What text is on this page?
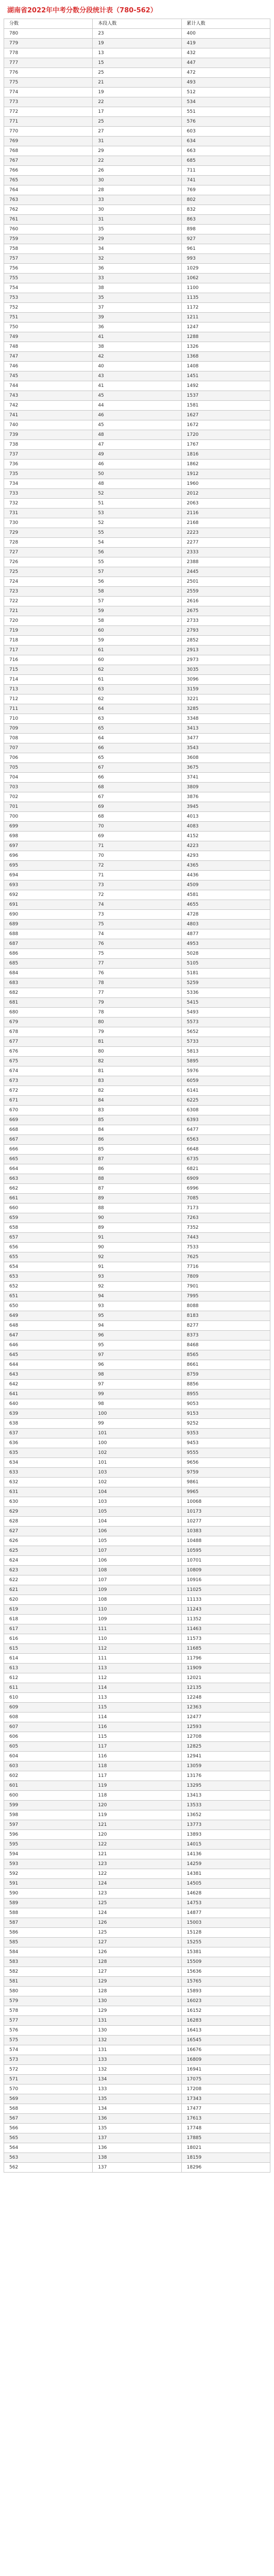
湖南省2022年中考分数分段统计表（780-562）
分数	本段人数	累计人数
780	23	400
779	19	419
778	13	432
777	15	447
776	25	472
775	21	493
774	19	512
773	22	534
772	17	551
771	25	576
770	27	603
769	31	634
768	29	663
767	22	685
766	26	711
765	30	741
764	28	769
763	33	802
762	30	832
761	31	863
760	35	898
759	29	927
758	34	961
757	32	993
756	36	1029
755	33	1062
754	38	1100
753	35	1135
752	37	1172
751	39	1211
750	36	1247
749	41	1288
748	38	1326
747	42	1368
746	40	1408
745	43	1451
744	41	1492
743	45	1537
742	44	1581
741	46	1627
740	45	1672
739	48	1720
738	47	1767
737	49	1816
736	46	1862
735	50	1912
734	48	1960
733	52	2012
732	51	2063
731	53	2116
730	52	2168
729	55	2223
728	54	2277
727	56	2333
726	55	2388
725	57	2445
724	56	2501
723	58	2559
722	57	2616
721	59	2675
720	58	2733
719	60	2793
718	59	2852
717	61	2913
716	60	2973
715	62	3035
714	61	3096
713	63	3159
712	62	3221
711	64	3285
710	63	3348
709	65	3413
708	64	3477
707	66	3543
706	65	3608
705	67	3675
704	66	3741
703	68	3809
702	67	3876
701	69	3945
700	68	4013
699	70	4083
698	69	4152
697	71	4223
696	70	4293
695	72	4365
694	71	4436
693	73	4509
692	72	4581
691	74	4655
690	73	4728
689	75	4803
688	74	4877
687	76	4953
686	75	5028
685	77	5105
684	76	5181
683	78	5259
682	77	5336
681	79	5415
680	78	5493
679	80	5573
678	79	5652
677	81	5733
676	80	5813
675	82	5895
674	81	5976
673	83	6059
672	82	6141
671	84	6225
670	83	6308
669	85	6393
668	84	6477
667	86	6563
666	85	6648
665	87	6735
664	86	6821
663	88	6909
662	87	6996
661	89	7085
660	88	7173
659	90	7263
658	89	7352
657	91	7443
656	90	7533
655	92	7625
654	91	7716
653	93	7809
652	92	7901
651	94	7995
650	93	8088
649	95	8183
648	94	8277
647	96	8373
646	95	8468
645	97	8565
644	96	8661
643	98	8759
642	97	8856
641	99	8955
640	98	9053
639	100	9153
638	99	9252
637	101	9353
636	100	9453
635	102	9555
634	101	9656
633	103	9759
632	102	9861
631	104	9965
630	103	10068
629	105	10173
628	104	10277
627	106	10383
626	105	10488
625	107	10595
624	106	10701
623	108	10809
622	107	10916
621	109	11025
620	108	11133
619	110	11243
618	109	11352
617	111	11463
616	110	11573
615	112	11685
614	111	11796
613	113	11909
612	112	12021
611	114	12135
610	113	12248
609	115	12363
608	114	12477
607	116	12593
606	115	12708
605	117	12825
604	116	12941
603	118	13059
602	117	13176
601	119	13295
600	118	13413
599	120	13533
598	119	13652
597	121	13773
596	120	13893
595	122	14015
594	121	14136
593	123	14259
592	122	14381
591	124	14505
590	123	14628
589	125	14753
588	124	14877
587	126	15003
586	125	15128
585	127	15255
584	126	15381
583	128	15509
582	127	15636
581	129	15765
580	128	15893
579	130	16023
578	129	16152
577	131	16283
576	130	16413
575	132	16545
574	131	16676
573	133	16809
572	132	16941
571	134	17075
570	133	17208
569	135	17343
568	134	17477
567	136	17613
566	135	17748
565	137	17885
564	136	18021
563	138	18159
562	137	18296
